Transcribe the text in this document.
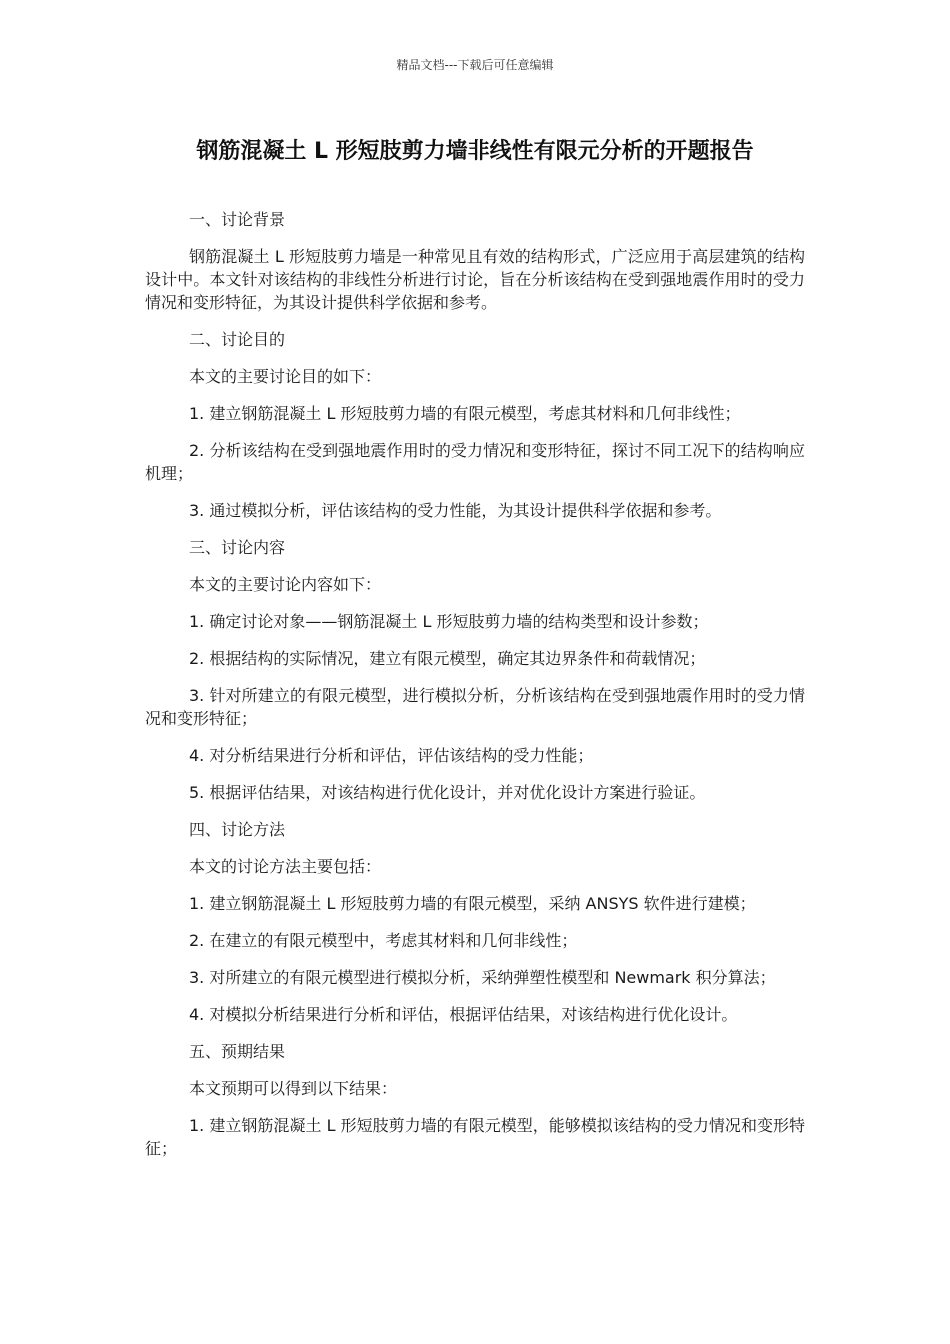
精品文档---下载后可任意编辑
钢筋混凝土 L 形短肢剪力墙非线性有限元分析的开题报告

一、讨论背景

钢筋混凝土 L 形短肢剪力墙是一种常见且有效的结构形式，广泛应用于高层建筑的结构设计中。本文针对该结构的非线性分析进行讨论，旨在分析该结构在受到强地震作用时的受力情况和变形特征，为其设计提供科学依据和参考。

二、讨论目的

本文的主要讨论目的如下：

1. 建立钢筋混凝土 L 形短肢剪力墙的有限元模型，考虑其材料和几何非线性；

2. 分析该结构在受到强地震作用时的受力情况和变形特征，探讨不同工况下的结构响应机理；

3. 通过模拟分析，评估该结构的受力性能，为其设计提供科学依据和参考。

三、讨论内容

本文的主要讨论内容如下：

1. 确定讨论对象——钢筋混凝土 L 形短肢剪力墙的结构类型和设计参数；

2. 根据结构的实际情况，建立有限元模型，确定其边界条件和荷载情况；

3. 针对所建立的有限元模型，进行模拟分析，分析该结构在受到强地震作用时的受力情况和变形特征；

4. 对分析结果进行分析和评估，评估该结构的受力性能；

5. 根据评估结果，对该结构进行优化设计，并对优化设计方案进行验证。

四、讨论方法

本文的讨论方法主要包括：

1. 建立钢筋混凝土 L 形短肢剪力墙的有限元模型，采纳 ANSYS 软件进行建模；

2. 在建立的有限元模型中，考虑其材料和几何非线性；

3. 对所建立的有限元模型进行模拟分析，采纳弹塑性模型和 Newmark 积分算法；

4. 对模拟分析结果进行分析和评估，根据评估结果，对该结构进行优化设计。

五、预期结果

本文预期可以得到以下结果：

1. 建立钢筋混凝土 L 形短肢剪力墙的有限元模型，能够模拟该结构的受力情况和变形特征；
